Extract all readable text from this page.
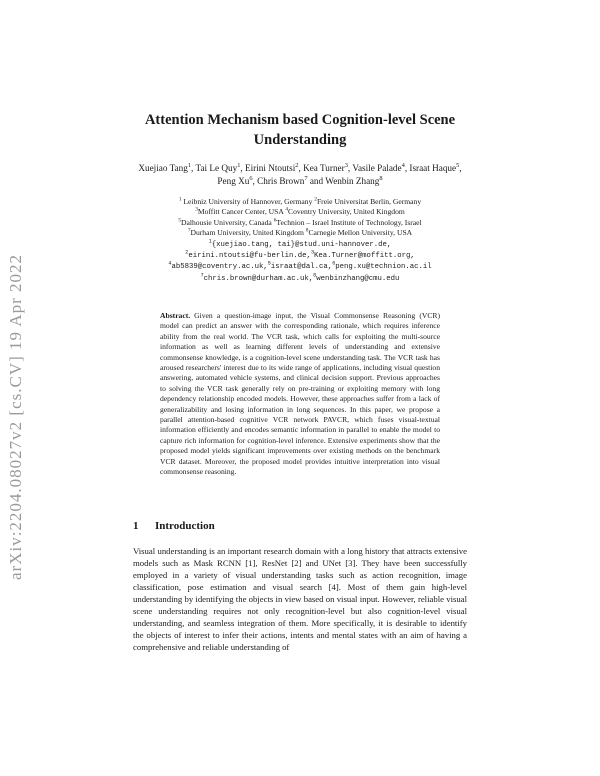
arXiv:2204.08027v2 [cs.CV] 19 Apr 2022
Attention Mechanism based Cognition-level Scene Understanding
Xuejiao Tang$^1$, Tai Le Quy$^1$, Eirini Ntoutsi$^2$, Kea Turner$^3$, Vasile Palade$^4$, Israat Haque$^5$, Peng Xu$^6$, Chris Brown$^7$ and Wenbin Zhang$^8$
$^1$ Leibniz University of Hannover, Germany $^2$Freie Universitat Berlin, Germany
$^3$Moffitt Cancer Center, USA $^4$Coventry University, United Kingdom
$^5$Dalhousie University, Canada $^6$Technion – Israel Institute of Technology, Israel
$^7$Durham University, United Kingdom $^8$Carnegie Mellon University, USA
$^1${xuejiao.tang, tai}@stud.uni-hannover.de,
$^2$eirini.ntoutsi@fu-berlin.de,$^3$Kea.Turner@moffitt.org,
$^4$ab5839@coventry.ac.uk,$^5$israat@dal.ca,$^6$peng.xu@technion.ac.il
$^7$chris.brown@durham.ac.uk,$^8$wenbinzhang@cmu.edu
Abstract. Given a question-image input, the Visual Commonsense Reasoning (VCR) model can predict an answer with the corresponding rationale, which requires inference ability from the real world. The VCR task, which calls for exploiting the multi-source information as well as learning different levels of understanding and extensive commonsense knowledge, is a cognition-level scene understanding task. The VCR task has aroused researchers' interest due to its wide range of applications, including visual question answering, automated vehicle systems, and clinical decision support. Previous approaches to solving the VCR task generally rely on pre-training or exploiting memory with long dependency relationship encoded models. However, these approaches suffer from a lack of generalizability and losing information in long sequences. In this paper, we propose a parallel attention-based cognitive VCR network PAVCR, which fuses visual-textual information efficiently and encodes semantic information in parallel to enable the model to capture rich information for cognition-level inference. Extensive experiments show that the proposed model yields significant improvements over existing methods on the benchmark VCR dataset. Moreover, the proposed model provides intuitive interpretation into visual commonsense reasoning.
1 Introduction
Visual understanding is an important research domain with a long history that attracts extensive models such as Mask RCNN [1], ResNet [2] and UNet [3]. They have been successfully employed in a variety of visual understanding tasks such as action recognition, image classification, pose estimation and visual search [4]. Most of them gain high-level understanding by identifying the objects in view based on visual input. However, reliable visual scene understanding requires not only recognition-level but also cognition-level visual understanding, and seamless integration of them. More specifically, it is desirable to identify the objects of interest to infer their actions, intents and mental states with an aim of having a comprehensive and reliable understanding of
